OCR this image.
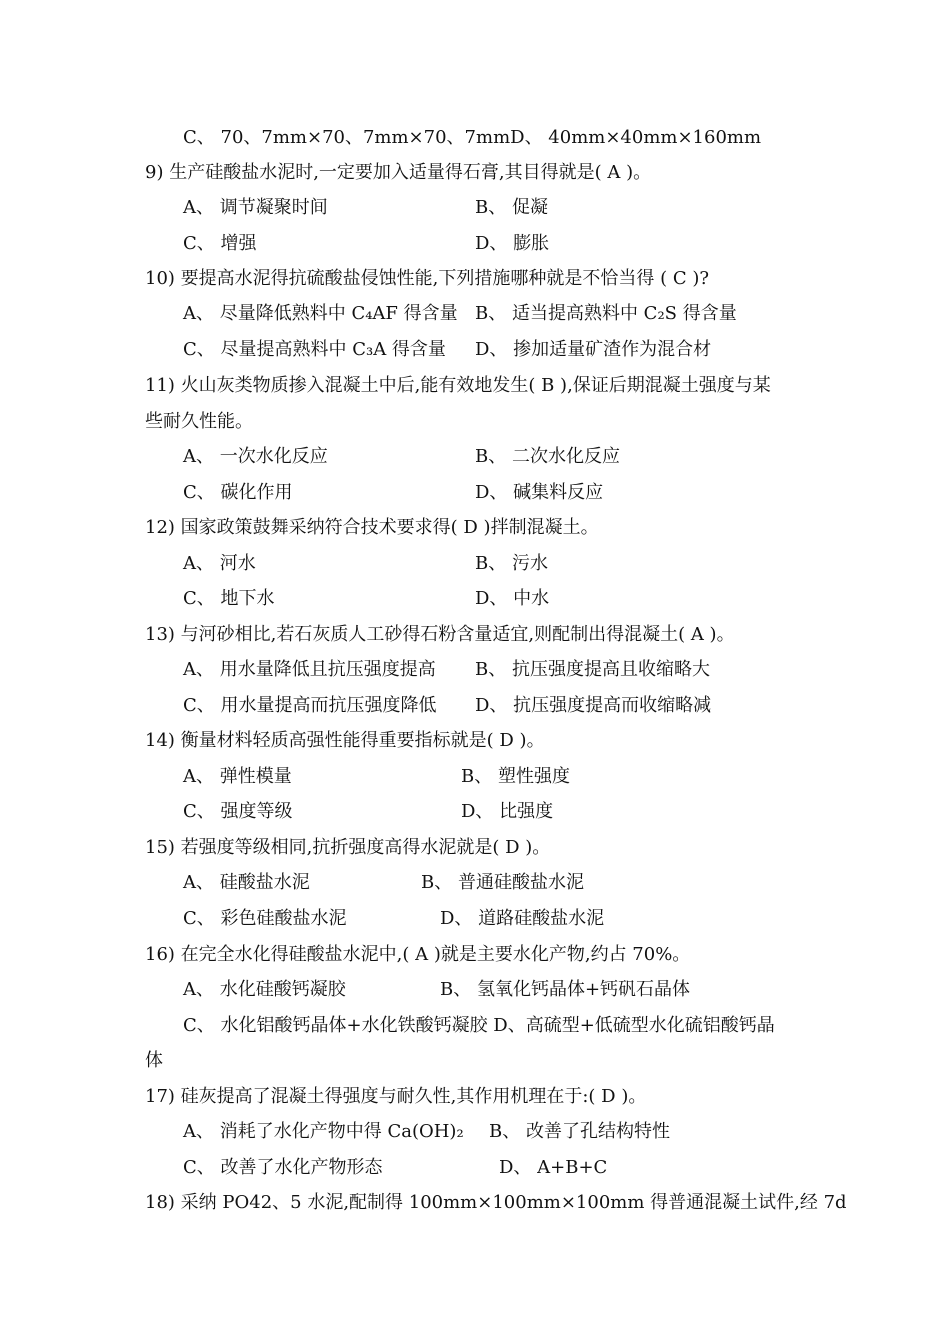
C、 70、7mm×70、7mm×70、7mmD、 40mm×40mm×160mm
9) 生产硅酸盐水泥时,一定要加入适量得石膏,其目得就是( A )。
A、 调节凝聚时间	B、 促凝
C、 增强	D、 膨胀
10) 要提高水泥得抗硫酸盐侵蚀性能,下列措施哪种就是不恰当得 ( C )?
A、 尽量降低熟料中 C₄AF 得含量 B、 适当提高熟料中 C₂S 得含量
C、 尽量提高熟料中 C₃A 得含量 D、 掺加适量矿渣作为混合材
11) 火山灰类物质掺入混凝土中后,能有效地发生( B ),保证后期混凝土强度与某
些耐久性能。
A、 一次水化反应	B、 二次水化反应
C、 碳化作用	D、 碱集料反应
12) 国家政策鼓舞采纳符合技术要求得( D )拌制混凝土。
A、 河水	B、 污水
C、 地下水	D、 中水
13) 与河砂相比,若石灰质人工砂得石粉含量适宜,则配制出得混凝土( A )。
A、 用水量降低且抗压强度提高 B、 抗压强度提高且收缩略大
C、 用水量提高而抗压强度降低 D、 抗压强度提高而收缩略减
14) 衡量材料轻质高强性能得重要指标就是( D )。
A、 弹性模量	B、 塑性强度
C、 强度等级	D、 比强度
15) 若强度等级相同,抗折强度高得水泥就是( D )。
A、 硅酸盐水泥	B、 普通硅酸盐水泥
C、 彩色硅酸盐水泥	D、 道路硅酸盐水泥
16) 在完全水化得硅酸盐水泥中,( A )就是主要水化产物,约占 70%。
A、 水化硅酸钙凝胶	B、 氢氧化钙晶体+钙矾石晶体
C、 水化铝酸钙晶体+水化铁酸钙凝胶 D、高硫型+低硫型水化硫铝酸钙晶
体
17) 硅灰提高了混凝土得强度与耐久性,其作用机理在于:( D )。
A、 消耗了水化产物中得 Ca(OH)₂ B、 改善了孔结构特性
C、 改善了水化产物形态	D、 A+B+C
18) 采纳 PO42、5 水泥,配制得 100mm×100mm×100mm 得普通混凝土试件,经 7d
